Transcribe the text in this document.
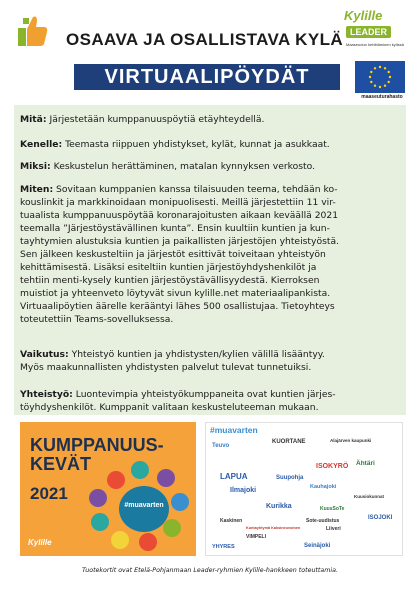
OSAAVA JA OSALLISTAVA KYLÄ
Kylille
LEADER
Maaseudun kehittäminen kylissä
VIRTUAALIPÖYDÄT
maaseuturahasto
Mitä: Järjestetään kumppanuuspöytiä etäyhteydellä.
Kenelle: Teemasta riippuen yhdistykset, kylät, kunnat ja asukkaat.
Miksi: Keskustelun herättäminen, matalan kynnyksen verkosto.
Miten: Sovitaan kumppanien kanssa tilaisuuden teema, tehdään ko-
kouslinkit ja markkinoidaan monipuolisesti. Meillä järjestettiin 11 vir-
tuaalista kumppanuuspöytää koronarajoitusten aikaan keväällä 2021
teemalla ”Järjestöystävällinen kunta”. Ensin kuultiin kuntien ja kun-
tayhtymien alustuksia kuntien ja paikallisten järjestöjen yhteistyöstä.
Sen jälkeen keskusteltiin ja järjestöt esittivät toiveitaan yhteistyön
kehittämisestä. Lisäksi esiteltiin kuntien järjestöyhdyshenkilöt ja
tehtiin menti-kysely kuntien järjestöystävällisyydestä. Kierroksen
muistiot ja yhteenveto löytyvät sivun kylille.net materiaalipankista.
Virtuaalipöytien äärelle kerääntyi lähes 500 osallistujaa. Tietoyhteys
toteutettiin Teams-sovelluksessa.
Vaikutus: Yhteistyö kuntien ja yhdistysten/kylien välillä lisääntyy.
Myös maakunnallisten yhdistysten palvelut tulevat tunnetuiksi.
Yhteistyö: Luontevimpia yhteistyökumppaneita ovat kuntien järjes-
töyhdyshenkilöt. Kumppanit valitaan keskusteluteeman mukaan.
#muavarten
KUMPPANUUS-
KEVÄT
2021
Kylille
#muavarten
Teuvo
KUORTANE	Alajärven kaupunki
LAPUA	Suupohja
ISOKYRÖ Ähtäri
Ilmajoki	Kauhajoki
Kuusiokunnat
Kurikka
Kaskinen
KuusSoTe
Liiveri
ISOJOKI
Kuntayhtymä Kaksineuvoinen
VIMPELI
Seinäjoki
YHYRES
Sote-uudistus
Tuotekortit ovat Etelä-Pohjanmaan Leader-ryhmien Kylille-hankkeen toteuttamia.
